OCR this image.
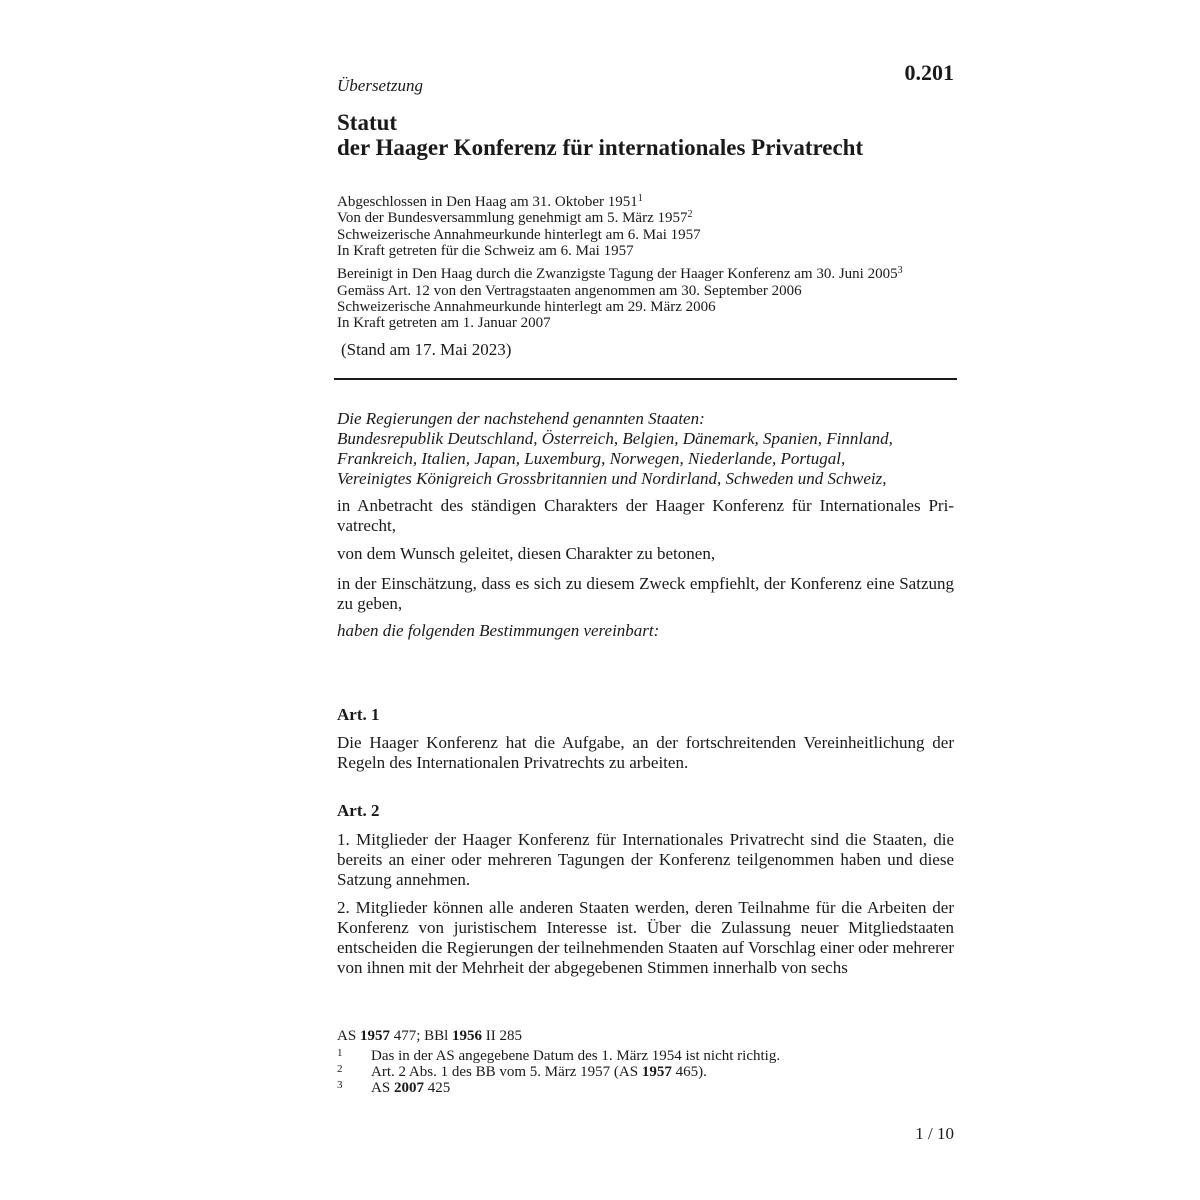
0.201
Übersetzung
Statut
der Haager Konferenz für internationales Privatrecht
Abgeschlossen in Den Haag am 31. Oktober 1951$^1$
Von der Bundesversammlung genehmigt am 5. März 1957$^2$
Schweizerische Annahmeurkunde hinterlegt am 6. Mai 1957
In Kraft getreten für die Schweiz am 6. Mai 1957
Bereinigt in Den Haag durch die Zwanzigste Tagung der Haager Konferenz am 30. Juni 2005$^3$
Gemäss Art. 12 von den Vertragstaaten angenommen am 30. September 2006
Schweizerische Annahmeurkunde hinterlegt am 29. März 2006
In Kraft getreten am 1. Januar 2007
(Stand am 17. Mai 2023)
Die Regierungen der nachstehend genannten Staaten:
Bundesrepublik Deutschland, Österreich, Belgien, Dänemark, Spanien, Finnland,
Frankreich, Italien, Japan, Luxemburg, Norwegen, Niederlande, Portugal,
Vereinigtes Königreich Grossbritannien und Nordirland, Schweden und Schweiz,
in Anbetracht des ständigen Charakters der Haager Konferenz für Internationales Privatrecht,
von dem Wunsch geleitet, diesen Charakter zu betonen,
in der Einschätzung, dass es sich zu diesem Zweck empfiehlt, der Konferenz eine Satzung zu geben,
haben die folgenden Bestimmungen vereinbart:
Art. 1
Die Haager Konferenz hat die Aufgabe, an der fortschreitenden Vereinheitlichung der Regeln des Internationalen Privatrechts zu arbeiten.
Art. 2
1. Mitglieder der Haager Konferenz für Internationales Privatrecht sind die Staaten, die bereits an einer oder mehreren Tagungen der Konferenz teilgenommen haben und diese Satzung annehmen.
2. Mitglieder können alle anderen Staaten werden, deren Teilnahme für die Arbeiten der Konferenz von juristischem Interesse ist. Über die Zulassung neuer Mitgliedstaaten entscheiden die Regierungen der teilnehmenden Staaten auf Vorschlag einer oder mehrerer von ihnen mit der Mehrheit der abgegebenen Stimmen innerhalb von sechs
AS 1957 477; BBl 1956 II 285
1 Das in der AS angegebene Datum des 1. März 1954 ist nicht richtig.
2 Art. 2 Abs. 1 des BB vom 5. März 1957 (AS 1957 465).
3 AS 2007 425
1 / 10
